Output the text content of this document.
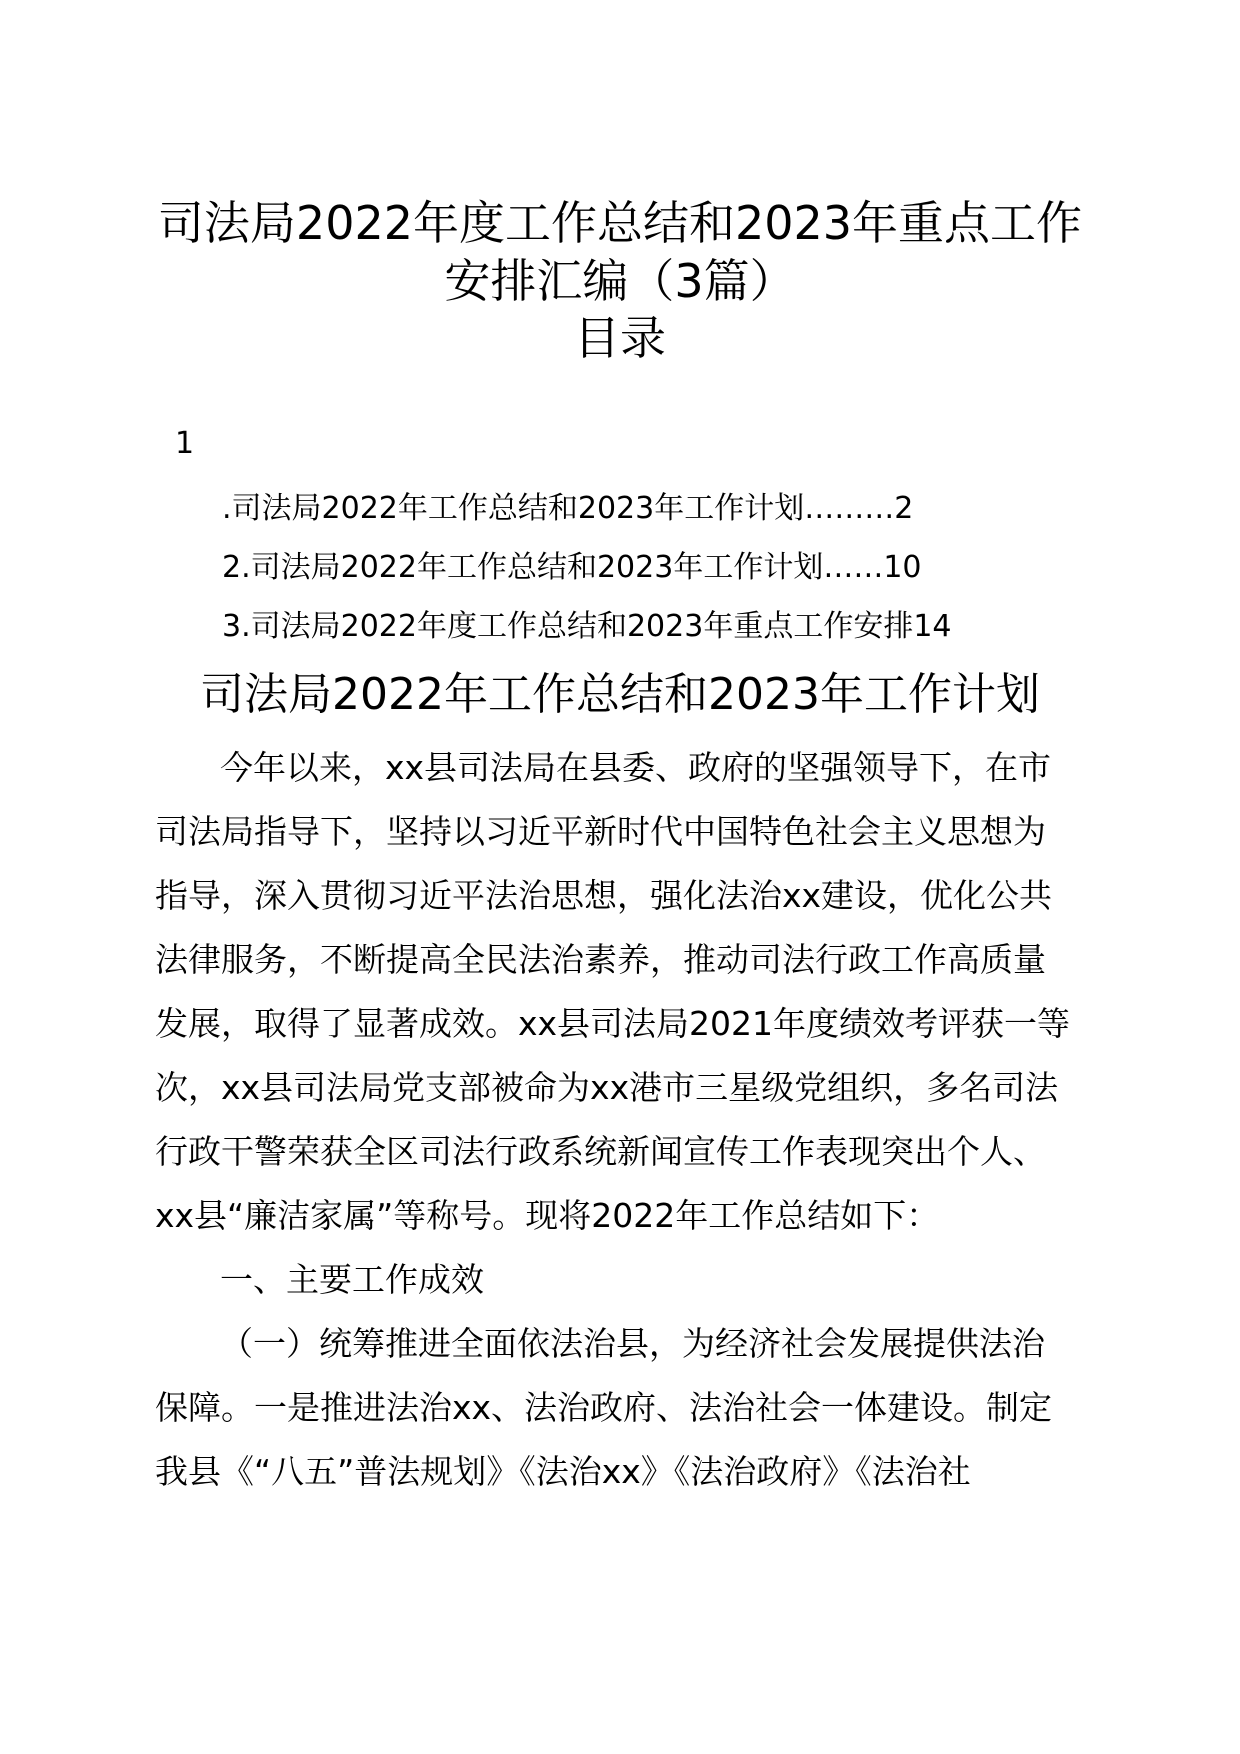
司法局2022年度工作总结和2023年重点工作
安排汇编（3篇）
目录
1
.司法局2022年工作总结和2023年工作计划………2
2.司法局2022年工作总结和2023年工作计划……10
3.司法局2022年度工作总结和2023年重点工作安排14
司法局2022年工作总结和2023年工作计划
今年以来，xx县司法局在县委、政府的坚强领导下，在市
司法局指导下，坚持以习近平新时代中国特色社会主义思想为
指导，深入贯彻习近平法治思想，强化法治xx建设，优化公共
法律服务，不断提高全民法治素养，推动司法行政工作高质量
发展，取得了显著成效。xx县司法局2021年度绩效考评获一等
次，xx县司法局党支部被命为xx港市三星级党组织，多名司法
行政干警荣获全区司法行政系统新闻宣传工作表现突出个人、
xx县“廉洁家属”等称号。现将2022年工作总结如下：
一、主要工作成效
（一）统筹推进全面依法治县，为经济社会发展提供法治
保障。一是推进法治xx、法治政府、法治社会一体建设。制定
我县《“八五”普法规划》《法治xx》《法治政府》《法治社
